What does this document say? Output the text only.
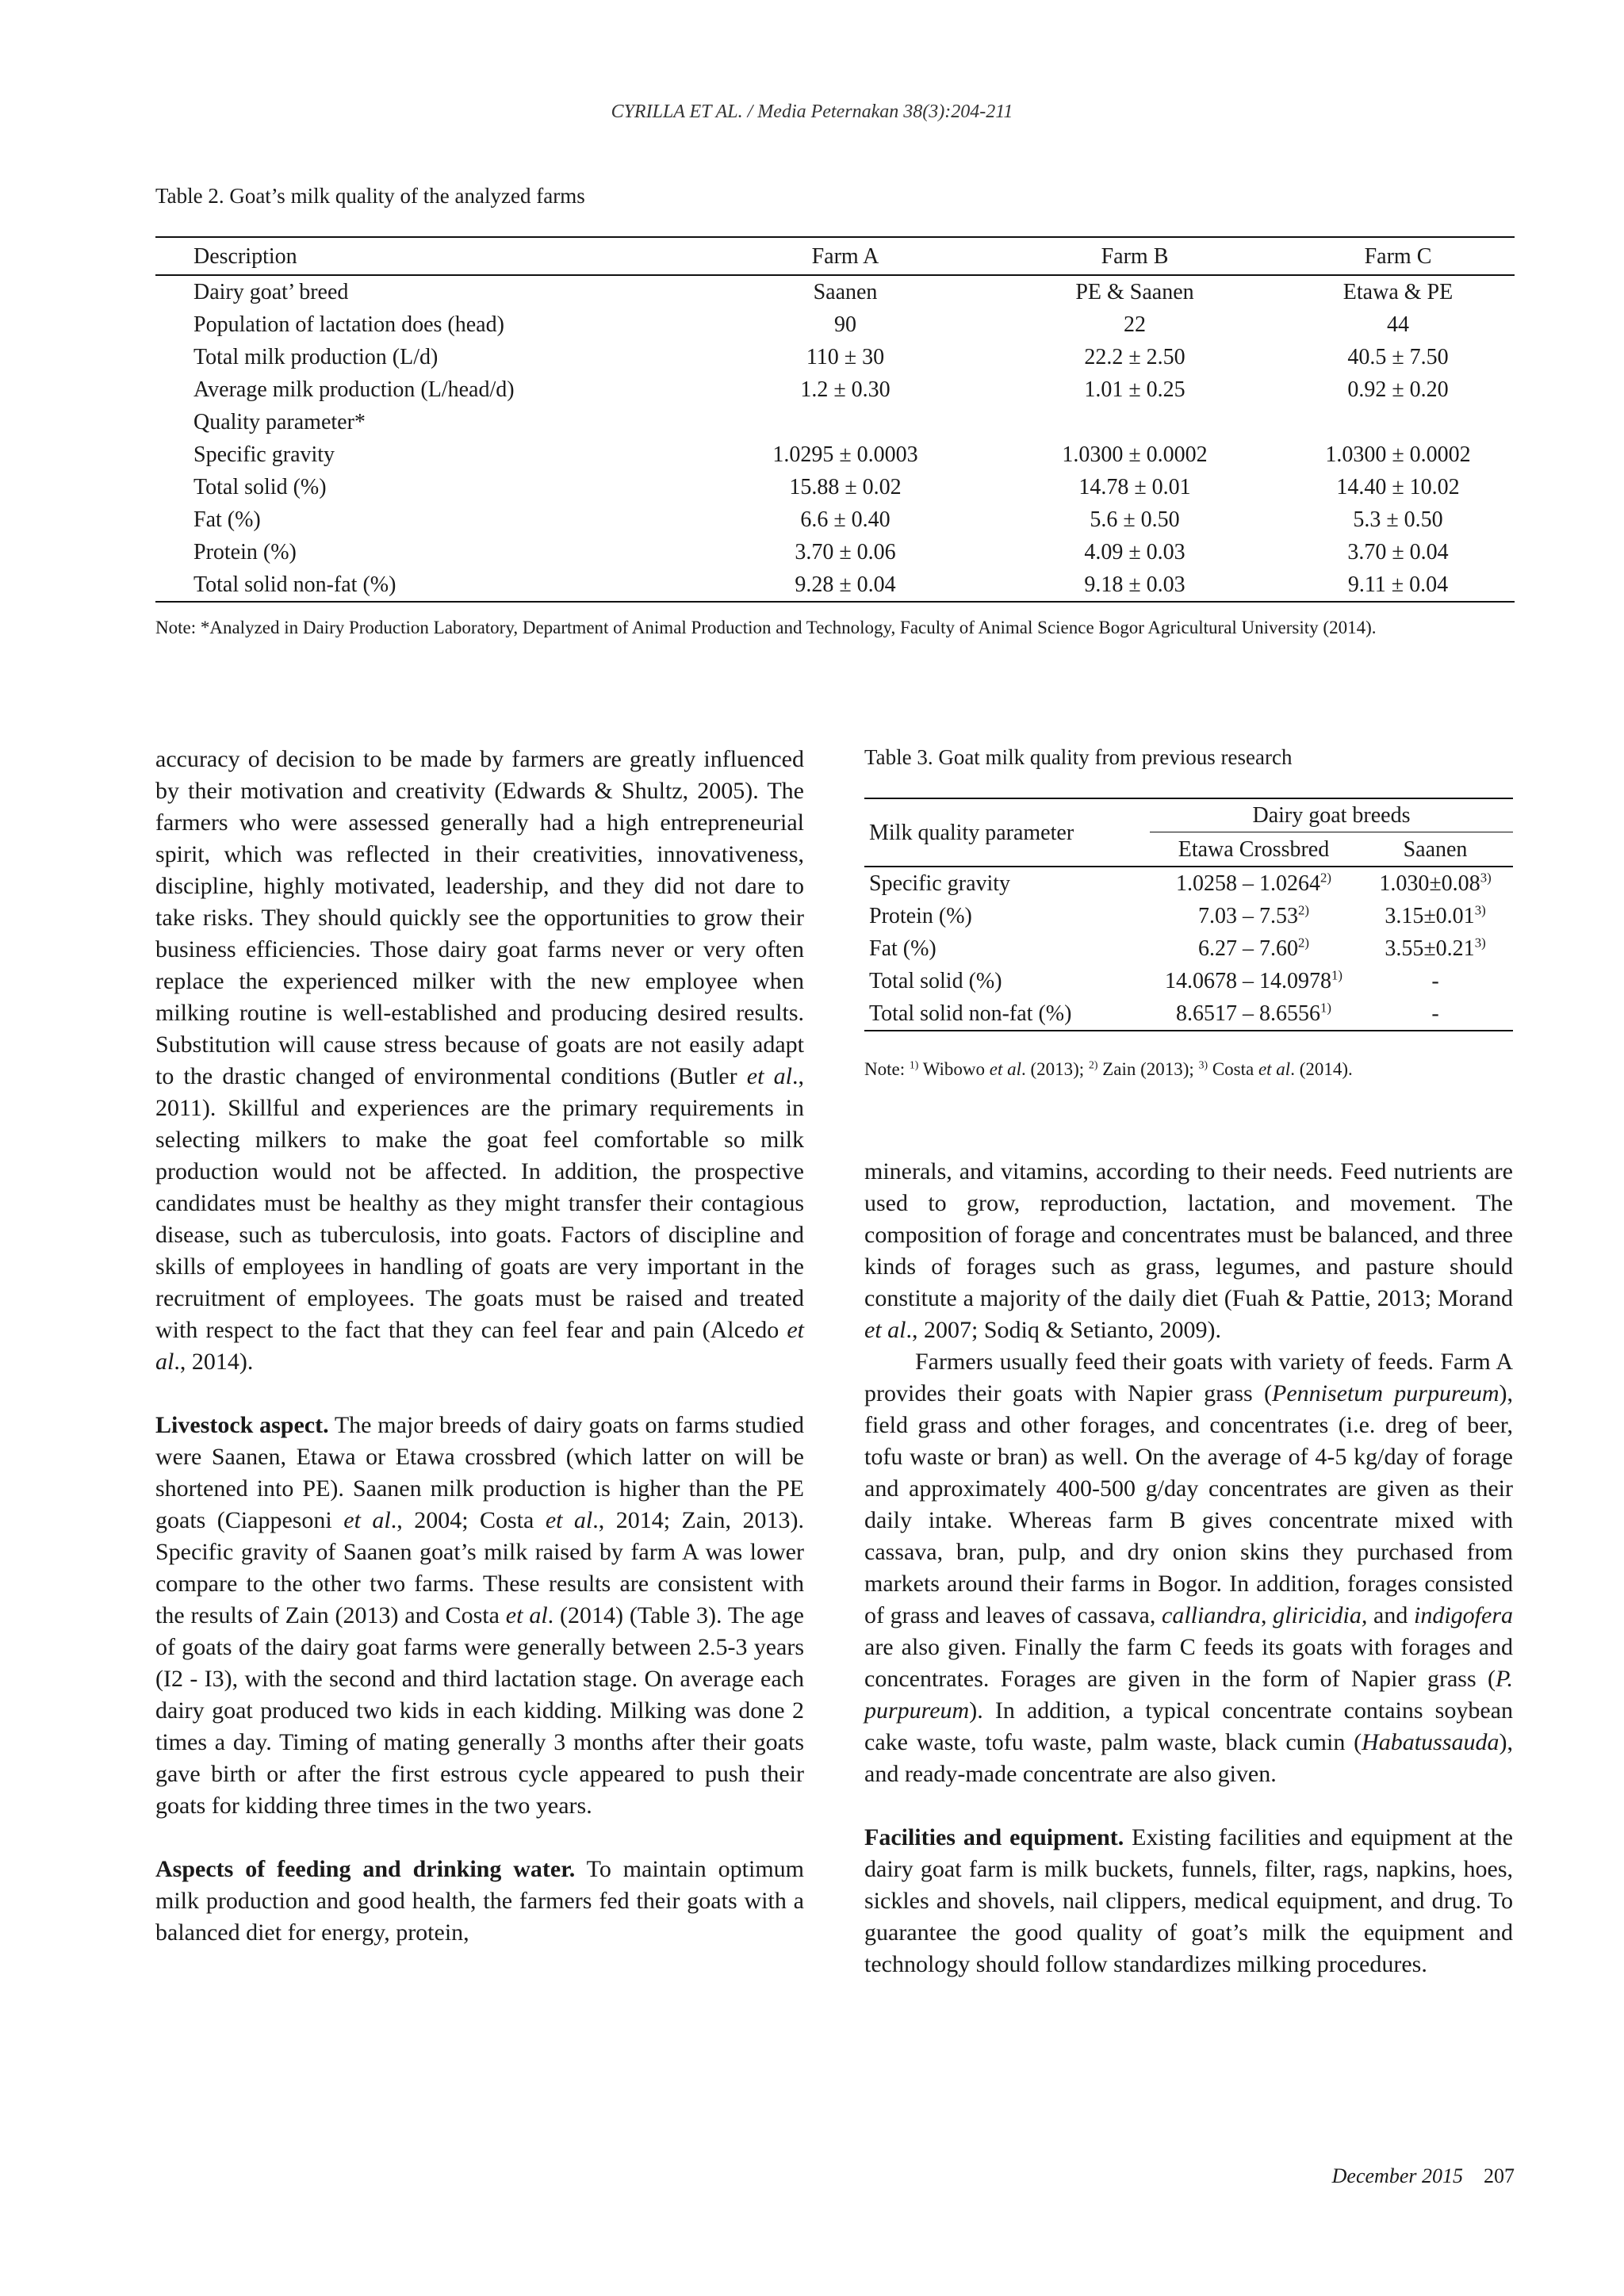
CYRILLA ET AL. / Media Peternakan 38(3):204-211
Table 2. Goat’s milk quality of the analyzed farms
Description	Farm A	Farm B	Farm C
Dairy goat’ breed	Saanen	PE & Saanen	Etawa & PE
Population of lactation does (head)	90	22	44
Total milk production (L/d)	110 ± 30	22.2 ± 2.50	40.5 ± 7.50
Average milk production (L/head/d)	1.2 ± 0.30	1.01 ± 0.25	0.92 ± 0.20
Quality parameter*			
Specific gravity	1.0295 ± 0.0003	1.0300 ± 0.0002	1.0300 ± 0.0002
Total solid (%)	15.88 ± 0.02	14.78 ± 0.01	14.40 ± 10.02
Fat (%)	6.6 ± 0.40	5.6 ± 0.50	5.3 ± 0.50
Protein (%)	3.70 ± 0.06	4.09 ± 0.03	3.70 ± 0.04
Total solid non-fat (%)	9.28 ± 0.04	9.18 ± 0.03	9.11 ± 0.04
Note: *Analyzed in Dairy Production Laboratory, Department of Animal Production and Technology, Faculty of Animal Science Bogor Agricultural University (2014).

accuracy of decision to be made by farmers are greatly influenced by their motivation and creativity (Edwards & Shultz, 2005). The farmers who were assessed generally had a high entrepreneurial spirit, which was reflected in their creativities, innovativeness, discipline, highly motivated, leadership, and they did not dare to take risks. They should quickly see the opportunities to grow their business efficiencies. Those dairy goat farms never or very often replace the experienced milker with the new employee when milking routine is well-established and producing desired results. Substitution will cause stress because of goats are not easily adapt to the drastic changed of environmental conditions (Butler et al., 2011). Skillful and experiences are the primary requirements in selecting milkers to make the goat feel comfortable so milk production would not be affected. In addition, the prospective candidates must be healthy as they might transfer their contagious disease, such as tuberculosis, into goats. Factors of discipline and skills of employees in handling of goats are very important in the recruitment of employees. The goats must be raised and treated with respect to the fact that they can feel fear and pain (Alcedo et al., 2014).

Livestock aspect. The major breeds of dairy goats on farms studied were Saanen, Etawa or Etawa crossbred (which latter on will be shortened into PE). Saanen milk production is higher than the PE goats (Ciappesoni et al., 2004; Costa et al., 2014; Zain, 2013). Specific gravity of Saanen goat’s milk raised by farm A was lower compare to the other two farms. These results are consistent with the results of Zain (2013) and Costa et al. (2014) (Table 3). The age of goats of the dairy goat farms were generally between 2.5-3 years (I2 - I3), with the second and third lactation stage. On average each dairy goat produced two kids in each kidding. Milking was done 2 times a day. Timing of mating generally 3 months after their goats gave birth or after the first estrous cycle appeared to push their goats for kidding three times in the two years.

Aspects of feeding and drinking water. To maintain optimum milk production and good health, the farmers fed their goats with a balanced diet for energy, protein,

Table 3. Goat milk quality from previous research
Milk quality parameter	Dairy goat breeds	
	Etawa Crossbred	Saanen
Specific gravity	1.0258 – 1.0264$^{2)}$	$1.030\pm 0.08^{3)}$
Protein (%)	7.03 – 7.53$^{2)}$	$3.15\pm 0.01^{3)}$
Fat (%)	6.27 – 7.60$^{2)}$	$3.55\pm 0.21^{3)}$
Total solid (%)	14.0678 – 14.0978$^{1)}$	-
Total solid non-fat (%)	8.6517 – 8.6556$^{1)}$	-
Note: $^{1)}$ Wibowo et al. (2013); $^{2)}$ Zain (2013); $^{3)}$ Costa et al. (2014).

minerals, and vitamins, according to their needs. Feed nutrients are used to grow, reproduction, lactation, and movement. The composition of forage and concentrates must be balanced, and three kinds of forages such as grass, legumes, and pasture should constitute a majority of the daily diet (Fuah & Pattie, 2013; Morand et al., 2007; Sodiq & Setianto, 2009).

Farmers usually feed their goats with variety of feeds. Farm A provides their goats with Napier grass (Pennisetum purpureum), field grass and other forages, and concentrates (i.e. dreg of beer, tofu waste or bran) as well. On the average of 4-5 kg/day of forage and approximately 400-500 g/day concentrates are given as their daily intake. Whereas farm B gives concentrate mixed with cassava, bran, pulp, and dry onion skins they purchased from markets around their farms in Bogor. In addition, forages consisted of grass and leaves of cassava, calliandra, gliricidia, and indigofera are also given. Finally the farm C feeds its goats with forages and concentrates. Forages are given in the form of Napier grass (P. purpureum). In addition, a typical concentrate contains soybean cake waste, tofu waste, palm waste, black cumin (Habatussauda), and ready-made concentrate are also given.

Facilities and equipment. Existing facilities and equipment at the dairy goat farm is milk buckets, funnels, filter, rags, napkins, hoes, sickles and shovels, nail clippers, medical equipment, and drug. To guarantee the good quality of goat’s milk the equipment and technology should follow standardizes milking procedures.

December 2015 207
